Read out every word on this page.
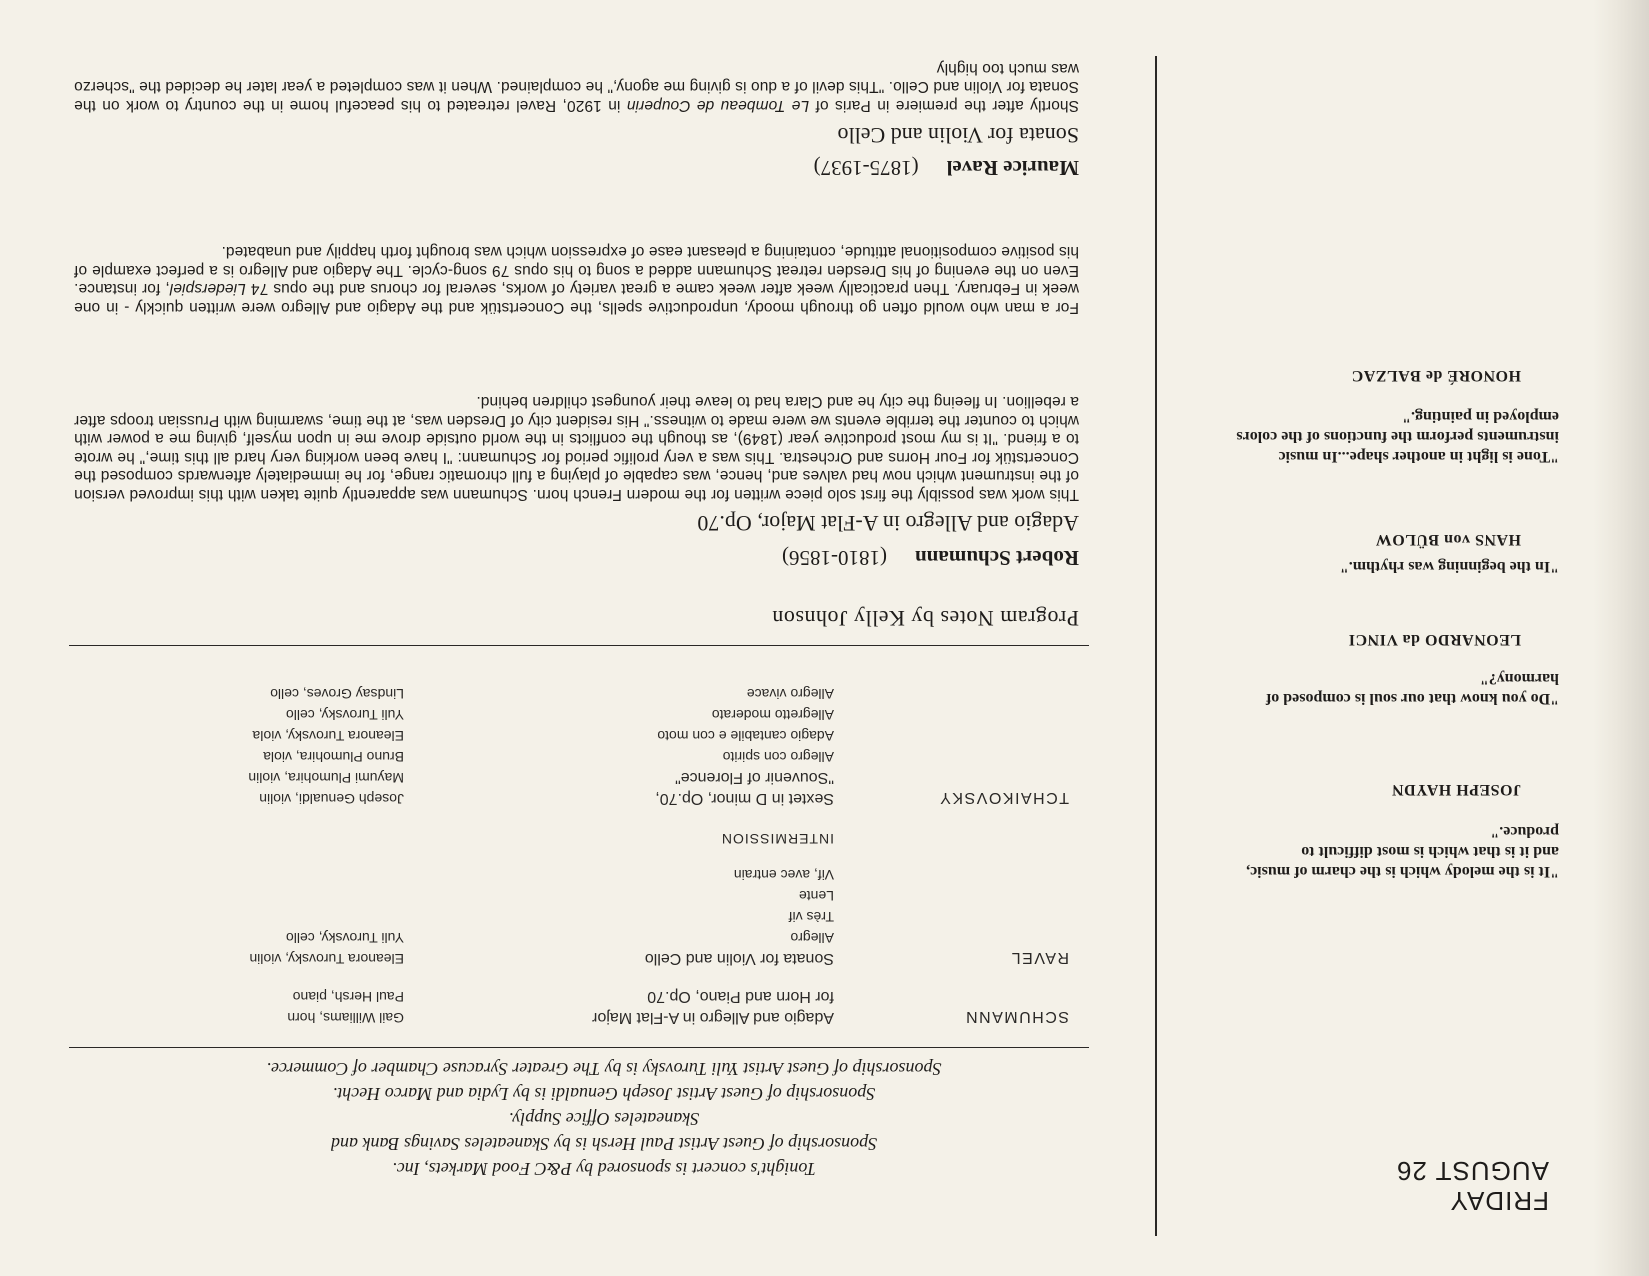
FRIDAY
AUGUST 26
"It is the melody which is the charm of music, and it is that which is most difficult to produce."
JOSEPH HAYDN
"Do you know that our soul is composed of harmony?"
LEONARDO da VINCI
"In the beginning was rhythm."
HANS von BÜLOW
"Tone is light in another shape...In music instruments perform the functions of the colors employed in painting."
HONORÉ de BALZAC
Tonight's concert is sponsored by P&C Food Markets, Inc.
Sponsorship of Guest Artist Paul Hersh is by Skaneateles Savings Bank and
Skaneateles Office Supply.
Sponsorship of Guest Artist Joseph Genualdi is by Lydia and Marco Hecht.
Sponsorship of Guest Artist Yuli Turovsky is by The Greater Syracuse Chamber of Commerce.
SCHUMANN
Adagio and Allegro in A-Flat Major
for Horn and Piano, Op.70
Gail Williams, horn
Paul Hersh, piano
RAVEL
Sonata for Violin and Cello
Allegro
Très vif
Lente
Vif, avec entrain
Eleanora Turovsky, violin
Yuli Turovsky, cello
INTERMISSION
TCHAIKOVSKY
Sextet in D minor, Op.70,
"Souvenir of Florence"
Allegro con spirito
Adagio cantabile e con moto
Allegretto moderato
Allegro vivace
Joseph Genualdi, violin
Mayumi Plumohira, violin
Bruno Plumohira, viola
Eleanora Turovsky, viola
Yuli Turovsky, cello
Lindsay Groves, cello
Program Notes by Kelly Johnson
Robert Schumann(1810-1856)
Adagio and Allegro in A-Flat Major, Op.70
This work was possibly the first solo piece written for the modern French horn. Schumann was apparently quite taken with this improved version of the instrument which now had valves and, hence, was capable of playing a full chromatic range, for he immediately afterwards composed the Concertstük for Four Horns and Orchestra. This was a very prolific period for Schumann: "I have been working very hard all this time," he wrote to a friend. "It is my most productive year (1849), as though the conflicts in the world outside drove me in upon myself, giving me a power with which to counter the terrible events we were made to witness." His resident city of Dresden was, at the time, swarming with Prussian troops after a rebellion. In fleeing the city he and Clara had to leave their youngest children behind.
For a man who would often go through moody, unproductive spells, the Concertstük and the Adagio and Allegro were written quickly - in one week in February. Then practically week after week came a great variety of works, several for chorus and the opus 74 Liederspiel, for instance. Even on the evening of his Dresden retreat Schumann added a song to his opus 79 song-cycle. The Adagio and Allegro is a perfect example of his positive compositional attitude, containing a pleasant ease of expression which was brought forth happily and unabated.
Maurice Ravel(1875-1937)
Sonata for Violin and Cello
Shortly after the premiere in Paris of Le Tombeau de Couperin in 1920, Ravel retreated to his peaceful home in the country to work on the Sonata for Violin and Cello. "This devil of a duo is giving me agony," he complained. When it was completed a year later he decided the "scherzo was much too highly
